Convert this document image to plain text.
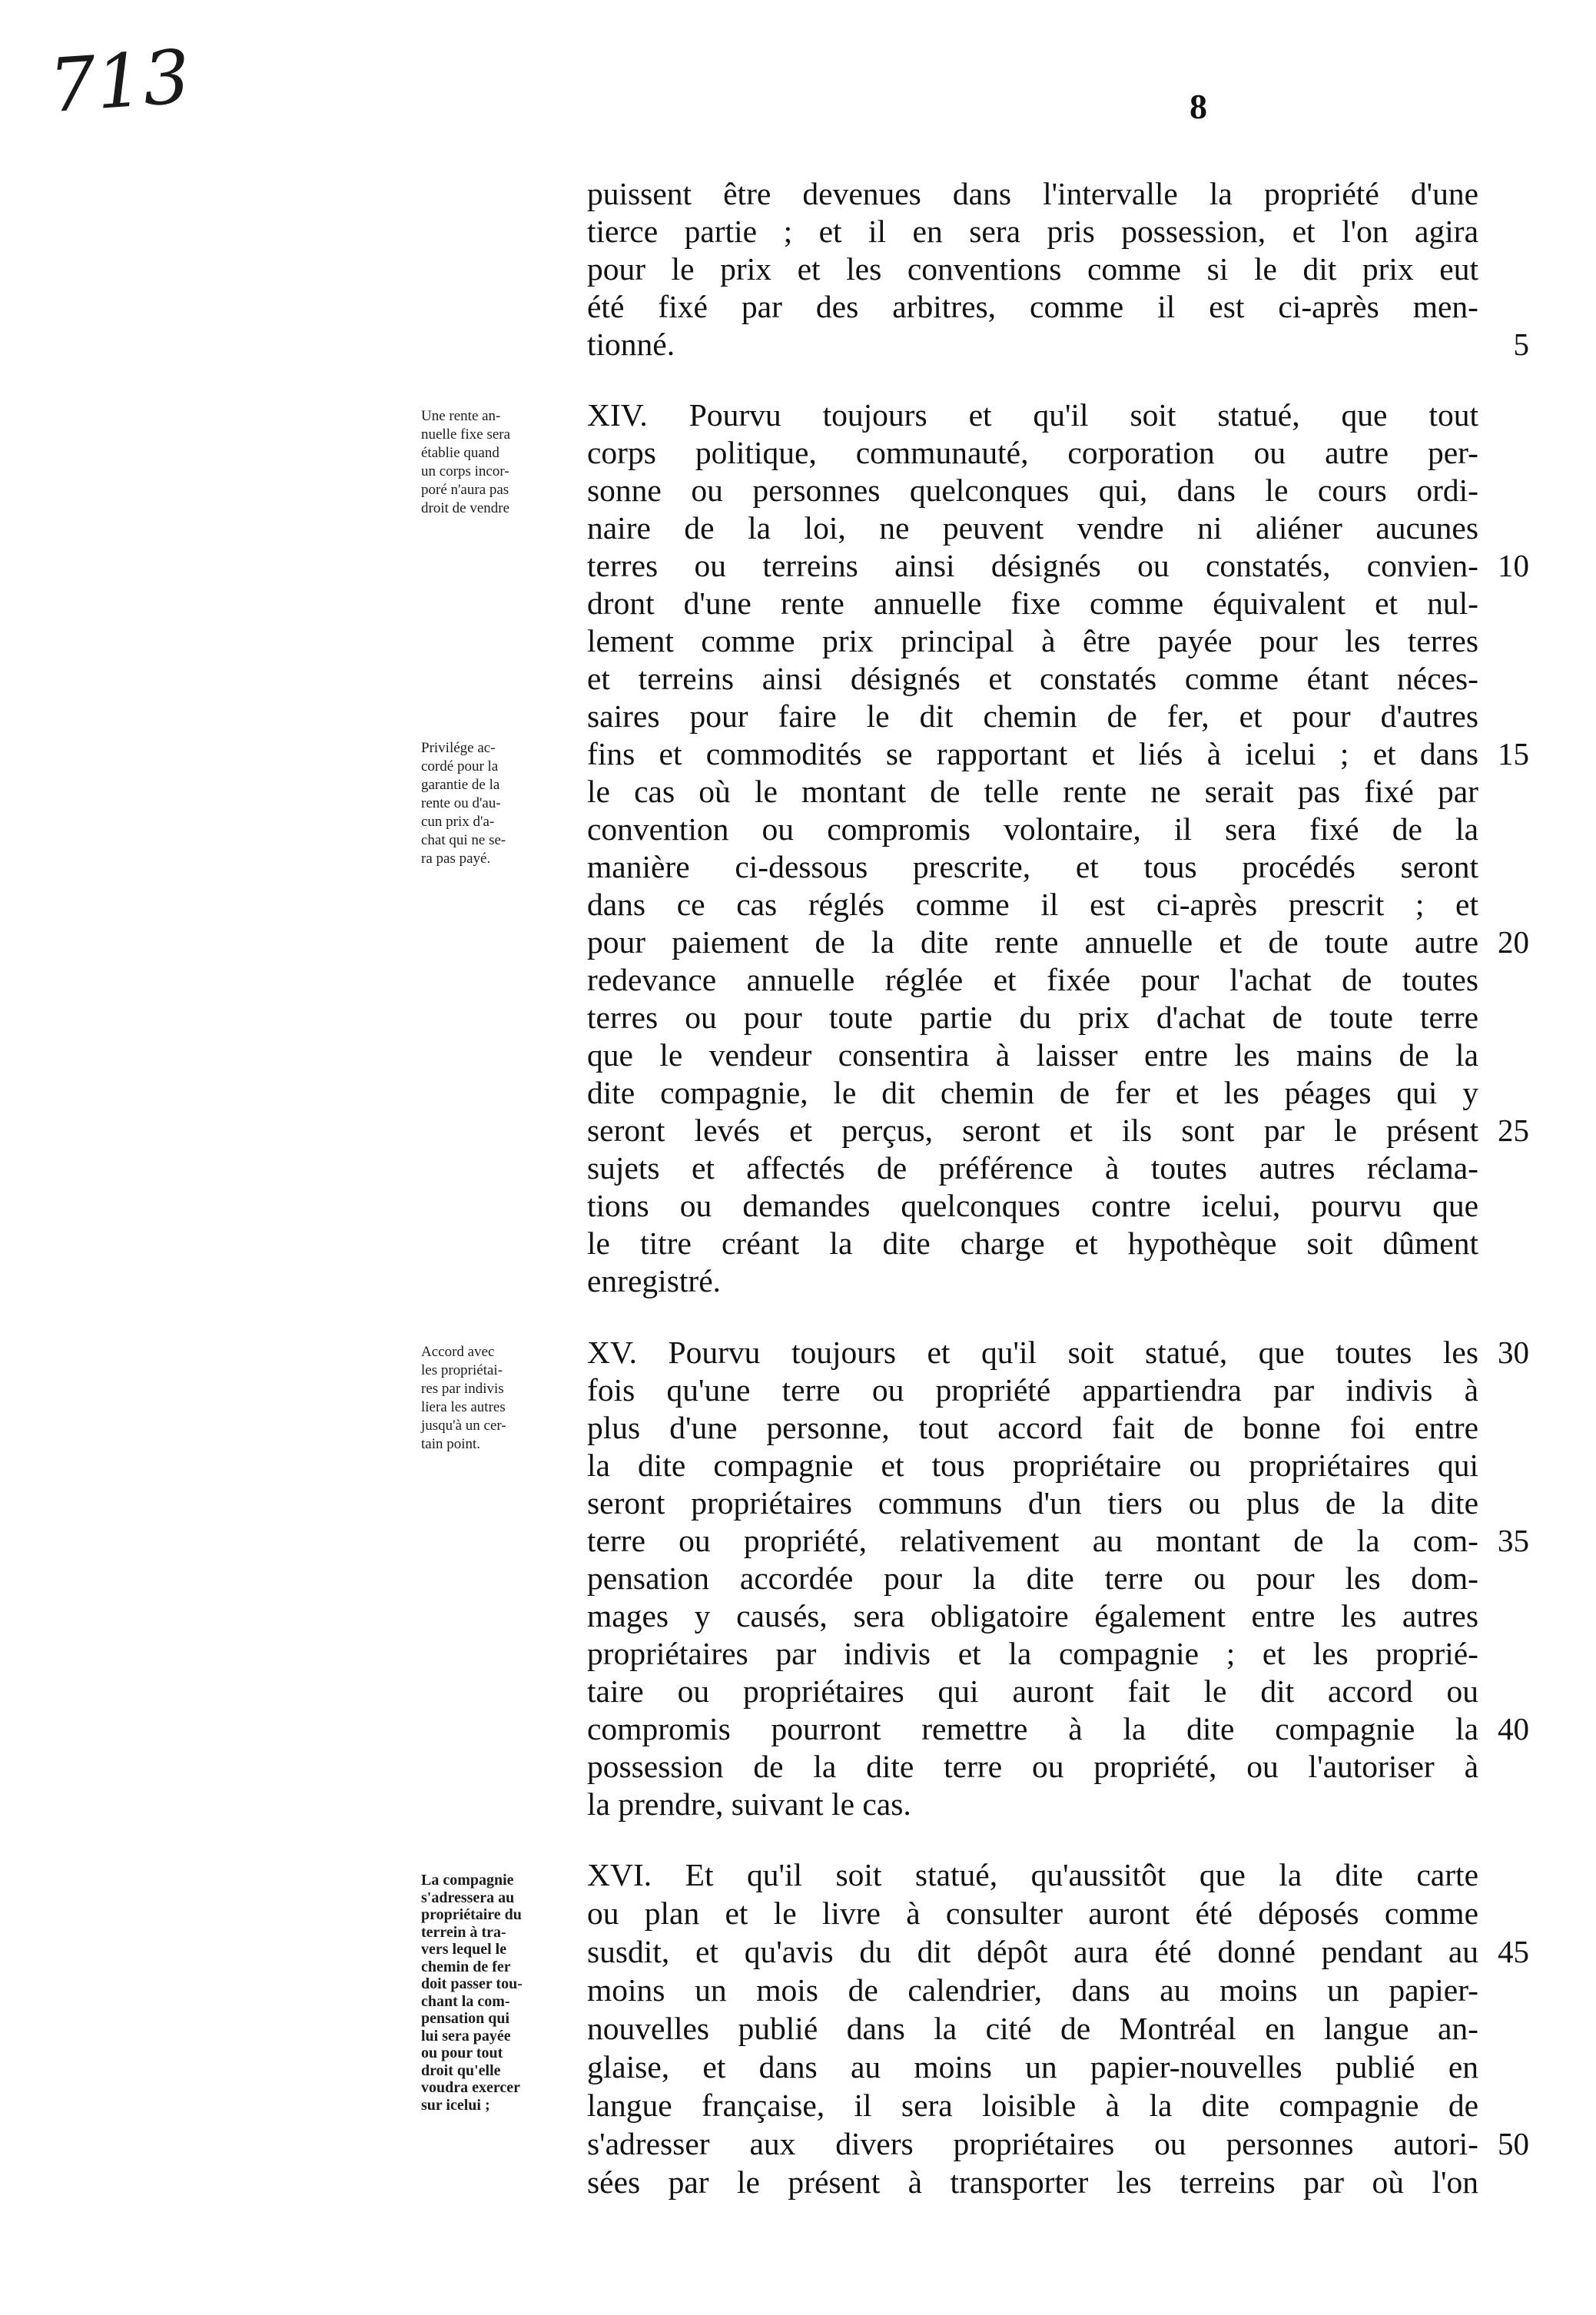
713	8
puissent être devenues dans l'intervalle la propriété d'une
tierce partie ; et il en sera pris possession, et l'on agira
pour le prix et les conventions comme si le dit prix eut
été fixé par des arbitres, comme il est ci-après men-
tionné.
XIV. Pourvu toujours et qu'il soit statué, que tout
corps politique, communauté, corporation ou autre per-
sonne ou personnes quelconques qui, dans le cours ordi-
naire de la loi, ne peuvent vendre ni aliéner aucunes
terres ou terreins ainsi désignés ou constatés, convien-
dront d'une rente annuelle fixe comme équivalent et nul-
lement comme prix principal à être payée pour les terres
et terreins ainsi désignés et constatés comme étant néces-
saires pour faire le dit chemin de fer, et pour d'autres
fins et commodités se rapportant et liés à icelui ; et dans
le cas où le montant de telle rente ne serait pas fixé par
convention ou compromis volontaire, il sera fixé de la
manière ci-dessous prescrite, et tous procédés seront
dans ce cas réglés comme il est ci-après prescrit ; et
pour paiement de la dite rente annuelle et de toute autre
redevance annuelle réglée et fixée pour l'achat de toutes
terres ou pour toute partie du prix d'achat de toute terre
que le vendeur consentira à laisser entre les mains de la
dite compagnie, le dit chemin de fer et les péages qui y
seront levés et perçus, seront et ils sont par le présent
sujets et affectés de préférence à toutes autres réclama-
tions ou demandes quelconques contre icelui, pourvu que
le titre créant la dite charge et hypothèque soit dûment
enregistré.
XV. Pourvu toujours et qu'il soit statué, que toutes les
fois qu'une terre ou propriété appartiendra par indivis à
plus d'une personne, tout accord fait de bonne foi entre
la dite compagnie et tous propriétaire ou propriétaires qui
seront propriétaires communs d'un tiers ou plus de la dite
terre ou propriété, relativement au montant de la com-
pensation accordée pour la dite terre ou pour les dom-
mages y causés, sera obligatoire également entre les autres
propriétaires par indivis et la compagnie ; et les proprié-
taire ou propriétaires qui auront fait le dit accord ou
compromis pourront remettre à la dite compagnie la
possession de la dite terre ou propriété, ou l'autoriser à
la prendre, suivant le cas.
XVI. Et qu'il soit statué, qu'aussitôt que la dite carte
ou plan et le livre à consulter auront été déposés comme
susdit, et qu'avis du dit dépôt aura été donné pendant au
moins un mois de calendrier, dans au moins un papier-
nouvelles publié dans la cité de Montréal en langue an-
glaise, et dans au moins un papier-nouvelles publié en
langue française, il sera loisible à la dite compagnie de
s'adresser aux divers propriétaires ou personnes autori-
sées par le présent à transporter les terreins par où l'on
5
10
15
20
25
30
35
40
45
50
Une rente an-
nuelle fixe sera
établie quand
un corps incor-
poré n'aura pas
droit de vendre
Privilége ac-
cordé pour la
garantie de la
rente ou d'au-
cun prix d'a-
chat qui ne se-
ra pas payé.
Accord avec
les propriétai-
res par indivis
liera les autres
jusqu'à un cer-
tain point.
La compagnie
s'adressera au
propriétaire du
terrein à tra-
vers lequel le
chemin de fer
doit passer tou-
chant la com-
pensation qui
lui sera payée
ou pour tout
droit qu'elle
voudra exercer
sur icelui ;
